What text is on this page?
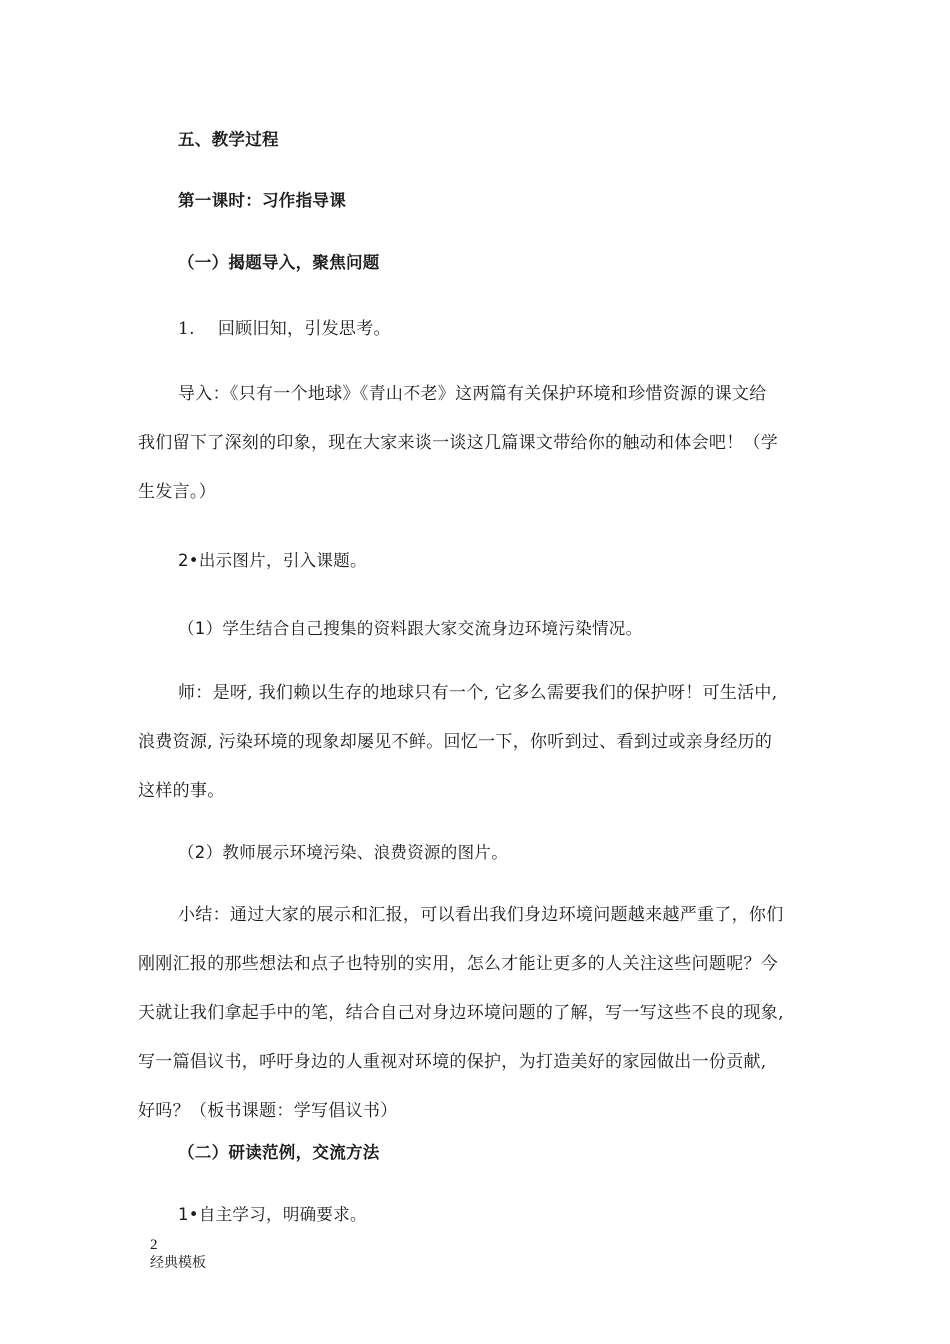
五、教学过程
第一课时：习作指导课
（一）揭题导入，聚焦问题
1.　 回顾旧知，引发思考。
导入：《只有一个地球》《青山不老》这两篇有关保护环境和珍惜资源的课文给
我们留下了深刻的印象，现在大家来谈一谈这几篇课文带给你的触动和体会吧！（学
生发言。）
2•出示图片，引入课题。
（1）学生结合自己搜集的资料跟大家交流身边环境污染情况。
师：是呀, 我们赖以生存的地球只有一个, 它多么需要我们的保护呀！可生活中,
浪费资源, 污染环境的现象却屡见不鲜。回忆一下，你听到过、看到过或亲身经历的
这样的事。
（2）教师展示环境污染、浪费资源的图片。
小结：通过大家的展示和汇报，可以看出我们身边环境问题越来越严重了，你们
刚刚汇报的那些想法和点子也特别的实用，怎么才能让更多的人关注这些问题呢？今
天就让我们拿起手中的笔，结合自己对身边环境问题的了解，写一写这些不良的现象,
写一篇倡议书，呼吁身边的人重视对环境的保护，为打造美好的家园做出一份贡献,
好吗？（板书课题：学写倡议书）
（二）研读范例，交流方法
1•自主学习，明确要求。
2
经典模板
